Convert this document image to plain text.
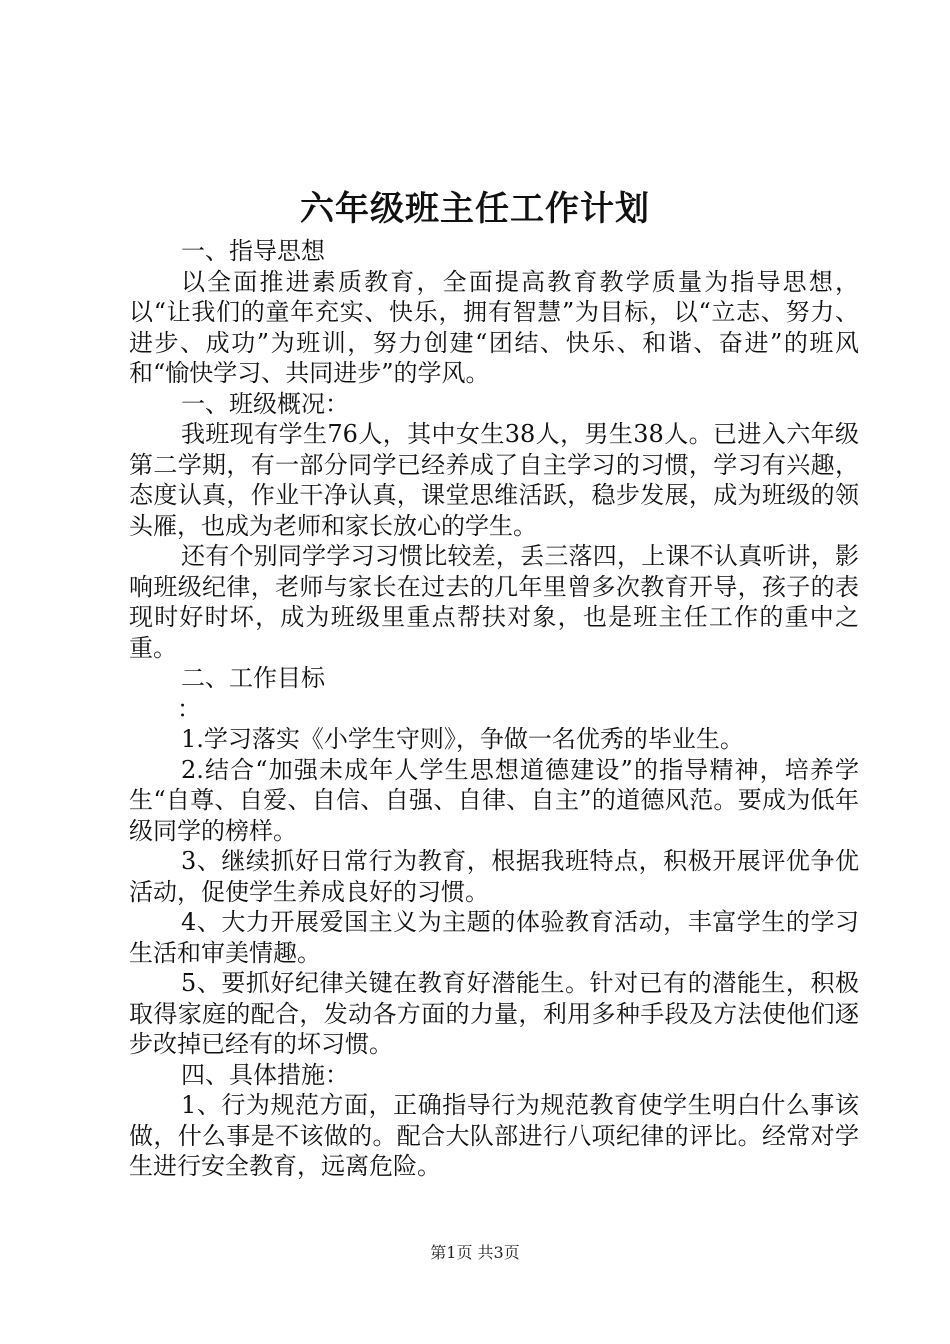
六年级班主任工作计划

一、指导思想

以全面推进素质教育，全面提高教育教学质量为指导思想，以“让我们的童年充实、快乐，拥有智慧”为目标，以“立志、努力、进步、成功”为班训，努力创建“团结、快乐、和谐、奋进”的班风和“愉快学习、共同进步”的学风。

一、班级概况：

我班现有学生76人，其中女生38人，男生38人。已进入六年级第二学期，有一部分同学已经养成了自主学习的习惯，学习有兴趣，态度认真，作业干净认真，课堂思维活跃，稳步发展，成为班级的领头雁，也成为老师和家长放心的学生。

还有个别同学学习习惯比较差，丢三落四，上课不认真听讲，影响班级纪律，老师与家长在过去的几年里曾多次教育开导，孩子的表现时好时坏，成为班级里重点帮扶对象，也是班主任工作的重中之重。

二、工作目标

：

1.学习落实《小学生守则》，争做一名优秀的毕业生。

2.结合“加强未成年人学生思想道德建设”的指导精神，培养学生“自尊、自爱、自信、自强、自律、自主”的道德风范。要成为低年级同学的榜样。

3、继续抓好日常行为教育，根据我班特点，积极开展评优争优活动，促使学生养成良好的习惯。

4、大力开展爱国主义为主题的体验教育活动，丰富学生的学习生活和审美情趣。

5、要抓好纪律关键在教育好潜能生。针对已有的潜能生，积极取得家庭的配合，发动各方面的力量，利用多种手段及方法使他们逐步改掉已经有的坏习惯。

四、具体措施：

1、行为规范方面，正确指导行为规范教育使学生明白什么事该做，什么事是不该做的。配合大队部进行八项纪律的评比。经常对学生进行安全教育，远离危险。

第1页 共3页
